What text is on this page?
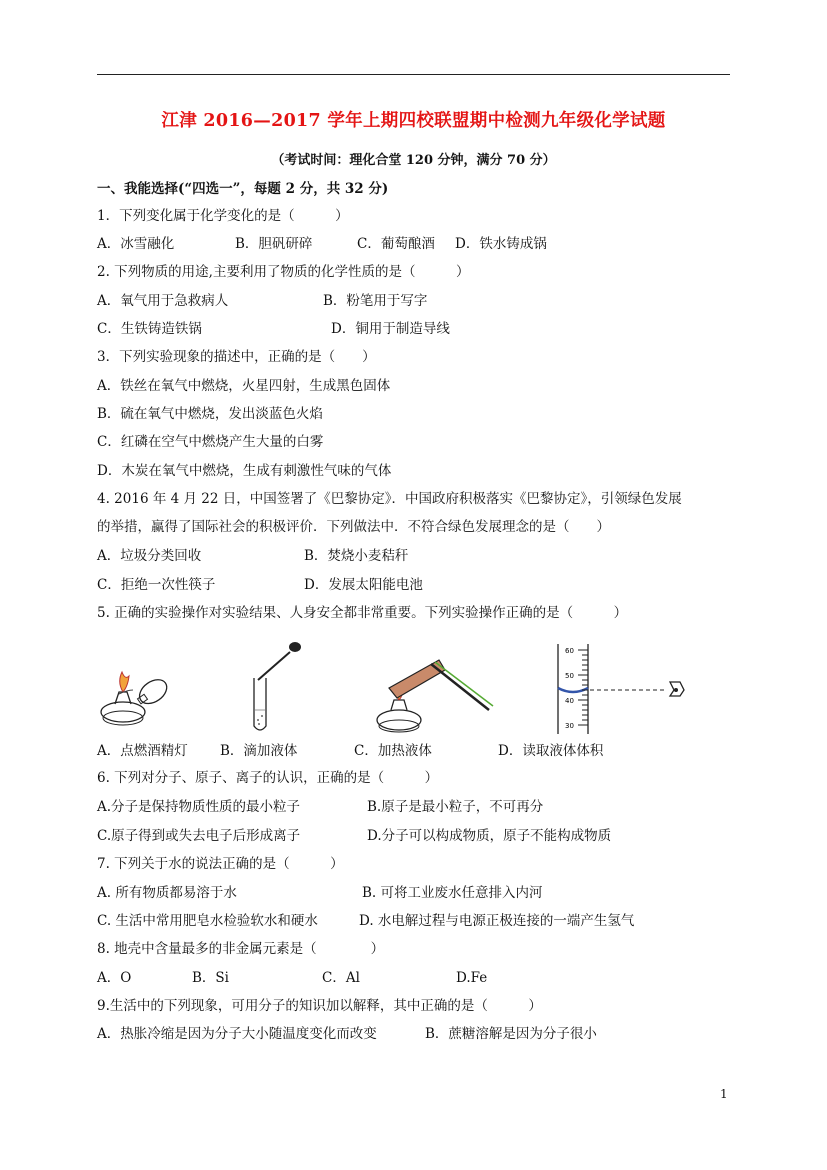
江津 2016—2017 学年上期四校联盟期中检测九年级化学试题
（考试时间：理化合堂 120 分钟，满分 70 分）
一、我能选择(“四选一”，每题 2 分，共 32 分)
1．下列变化属于化学变化的是（　　　）
A．冰雪融化	B．胆矾研碎	C．葡萄酿酒 D．铁水铸成锅
2. 下列物质的用途,主要利用了物质的化学性质的是（　　　）
A．氧气用于急救病人	B．粉笔用于写字
C．生铁铸造铁锅	D．铜用于制造导线
3．下列实验现象的描述中，正确的是（　　）
A．铁丝在氧气中燃烧，火星四射，生成黑色固体
B．硫在氧气中燃烧，发出淡蓝色火焰
C．红磷在空气中燃烧产生大量的白雾
D．木炭在氧气中燃烧，生成有刺激性气味的气体
4. 2016 年 4 月 22 日，中国签署了《巴黎协定》．中国政府积极落实《巴黎协定》，引领绿色发展
的举措，赢得了国际社会的积极评价．下列做法中．不符合绿色发展理念的是（　　）
A．垃圾分类回收	B．焚烧小麦秸秆
C．拒绝一次性筷子	D．发展太阳能电池
5. 正确的实验操作对实验结果、人身安全都非常重要。下列实验操作正确的是（　　　）
60
50
40
30
A．点燃酒精灯 B．滴加液体	C．加热液体	D．读取液体体积
6. 下列对分子、原子、离子的认识，正确的是（　　　）
A.分子是保持物质性质的最小粒子	B.原子是最小粒子，不可再分
C.原子得到或失去电子后形成离子	D.分子可以构成物质，原子不能构成物质
7. 下列关于水的说法正确的是（　　　）
A. 所有物质都易溶于水	B. 可将工业废水任意排入内河
C. 生活中常用肥皂水检验软水和硬水	D. 水电解过程与电源正极连接的一端产生氢气
8. 地壳中含量最多的非金属元素是（　　　　）
A．O	B．Si	C．Al	D.Fe
9.生活中的下列现象，可用分子的知识加以解释，其中正确的是（　　　）
A．热胀冷缩是因为分子大小随温度变化而改变	B．蔗糖溶解是因为分子很小
1
